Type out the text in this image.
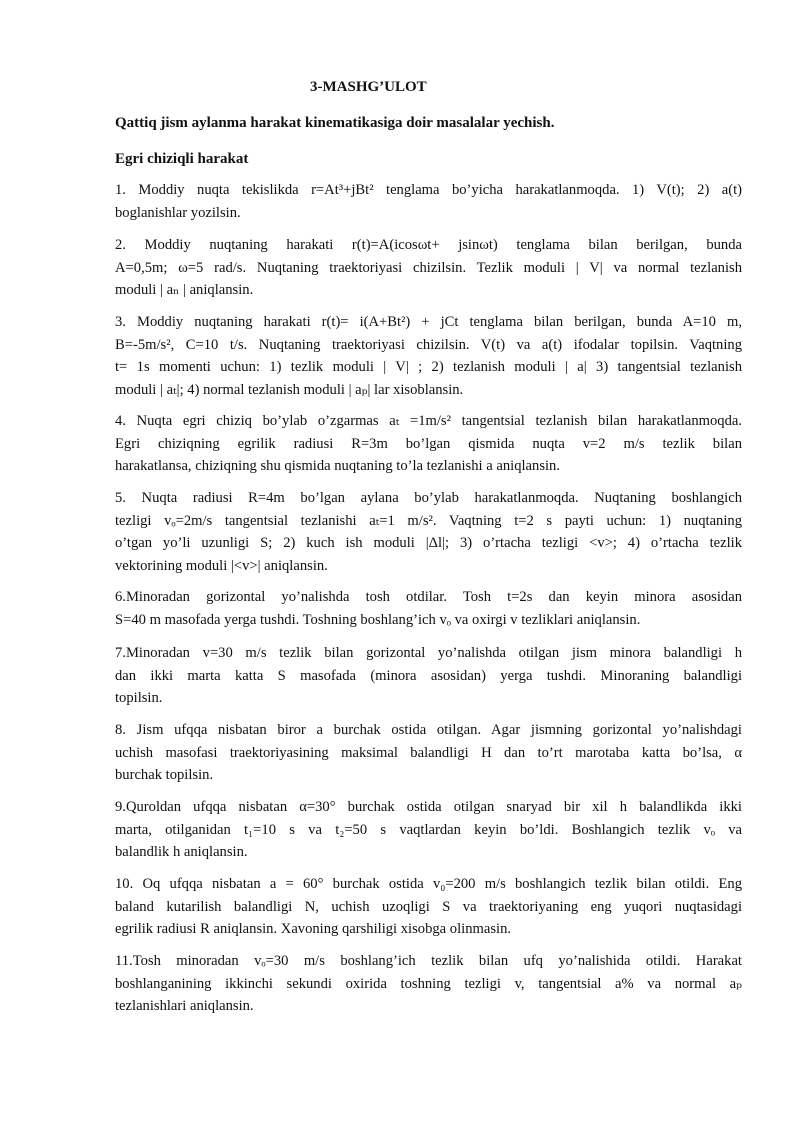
3-MASHG’ULOT
Qattiq jism aylanma harakat kinematikasiga doir masalalar yechish.
Egri chiziqli harakat
1. Moddiy nuqta tekislikda r=At³+jBt² tenglama bo’yicha harakatlanmoqda. 1) V(t); 2) a(t)
boglanishlar yozilsin.
2. Moddiy nuqtaning harakati r(t)=A(icosωt+ jsinωt) tenglama bilan berilgan, bunda
A=0,5m; ω=5 rad/s. Nuqtaning traektoriyasi chizilsin. Tezlik moduli | V| va normal tezlanish
moduli | aₙ | aniqlansin.
3. Moddiy nuqtaning harakati r(t)= i(A+Bt²) + jCt tenglama bilan berilgan, bunda A=10 m,
B=-5m/s², C=10 t/s. Nuqtaning traektoriyasi chizilsin. V(t) va a(t) ifodalar topilsin. Vaqtning
t= 1s momenti uchun: 1) tezlik moduli | V| ; 2) tezlanish moduli | a| 3) tangentsial tezlanish
moduli | aₜ|; 4) normal tezlanish moduli | aₚ| lar xisoblansin.
4. Nuqta egri chiziq bo’ylab o’zgarmas aₜ =1m/s² tangentsial tezlanish bilan harakatlanmoqda.
Egri chiziqning egrilik radiusi R=3m bo’lgan qismida nuqta v=2 m/s tezlik bilan
harakatlansa, chiziqning shu qismida nuqtaning to’la tezlanishi a aniqlansin.
5. Nuqta radiusi R=4m bo’lgan aylana bo’ylab harakatlanmoqda. Nuqtaning boshlangich
tezligi vₒ=2m/s tangentsial tezlanishi aₜ=1 m/s². Vaqtning t=2 s payti uchun: 1) nuqtaning
o’tgan yo’li uzunligi S; 2) kuch ish moduli |Δl|; 3) o’rtacha tezligi <v>; 4) o’rtacha tezlik
vektorining moduli |<v>| aniqlansin.
6.Minoradan gorizontal yo’nalishda tosh otdilar. Tosh t=2s dan keyin minora asosidan
S=40 m masofada yerga tushdi. Toshning boshlang’ich vₒ va oxirgi v tezliklari aniqlansin.
7.Minoradan v=30 m/s tezlik bilan gorizontal yo’nalishda otilgan jism minora balandligi h
dan ikki marta katta S masofada (minora asosidan) yerga tushdi. Minoraning balandligi
topilsin.
8. Jism ufqqa nisbatan biror a burchak ostida otilgan. Agar jismning gorizontal yo’nalishdagi
uchish masofasi traektoriyasining maksimal balandligi H dan to’rt marotaba katta bo’lsa, α
burchak topilsin.
9.Quroldan ufqqa nisbatan α=30° burchak ostida otilgan snaryad bir xil h balandlikda ikki
marta, otilganidan t₁=10 s va t₂=50 s vaqtlardan keyin bo’ldi. Boshlangich tezlik vₒ va
balandlik h aniqlansin.
10. Oq ufqqa nisbatan a = 60° burchak ostida v₀=200 m/s boshlangich tezlik bilan otildi. Eng
baland kutarilish balandligi N, uchish uzoqligi S va traektoriyaning eng yuqori nuqtasidagi
egrilik radiusi R aniqlansin. Xavoning qarshiligi xisobga olinmasin.
11.Tosh minoradan vₒ=30 m/s boshlang’ich tezlik bilan ufq yo’nalishida otildi. Harakat
boshlanganining ikkinchi sekundi oxirida toshning tezligi v, tangentsial a% va normal aₚ
tezlanishlari aniqlansin.
